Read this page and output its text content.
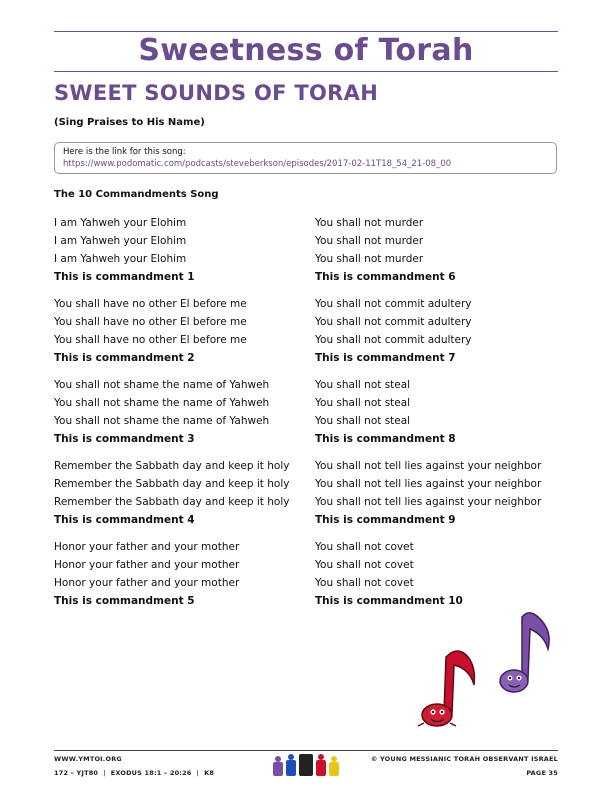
Sweetness of Torah
SWEET SOUNDS OF TORAH
(Sing Praises to His Name)
Here is the link for this song:
https://www.podomatic.com/podcasts/steveberkson/episodes/2017-02-11T18_54_21-08_00
The 10 Commandments Song
I am Yahweh your Elohim
I am Yahweh your Elohim
I am Yahweh your Elohim
This is commandment 1
You shall have no other El before me
You shall have no other El before me
You shall have no other El before me
This is commandment 2
You shall not shame the name of Yahweh
You shall not shame the name of Yahweh
You shall not shame the name of Yahweh
This is commandment 3
Remember the Sabbath day and keep it holy
Remember the Sabbath day and keep it holy
Remember the Sabbath day and keep it holy
This is commandment 4
Honor your father and your mother
Honor your father and your mother
Honor your father and your mother
This is commandment 5
You shall not murder
You shall not murder
You shall not murder
This is commandment 6
You shall not commit adultery
You shall not commit adultery
You shall not commit adultery
This is commandment 7
You shall not steal
You shall not steal
You shall not steal
This is commandment 8
You shall not tell lies against your neighbor
You shall not tell lies against your neighbor
You shall not tell lies against your neighbor
This is commandment 9
You shall not covet
You shall not covet
You shall not covet
This is commandment 10
WWW.YMTOI.ORG
172 – YJT80 | EXODUS 18:1 – 20:26 | K8
© YOUNG MESSIANIC TORAH OBSERVANT ISRAEL
PAGE 35
